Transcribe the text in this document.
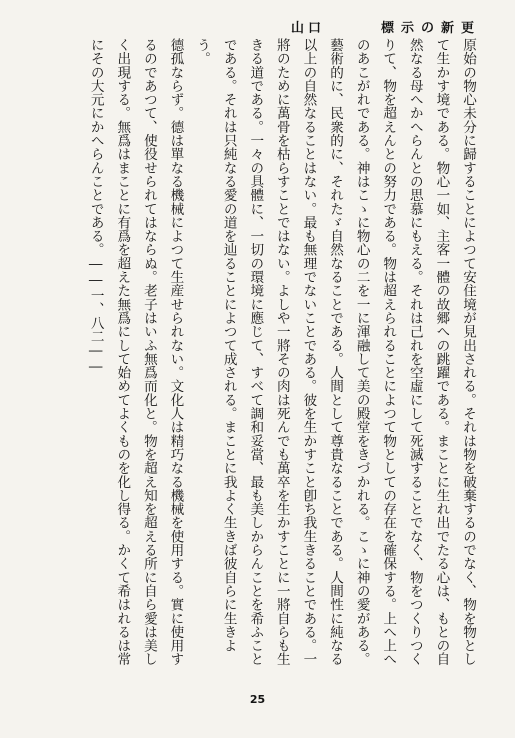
山口	標示の新更

原始の物心未分に歸することによつて安住境が見出される。それは物を破棄するのでなく、物を物として生かす境である。物心一如、主客一體の故郷への跳躍である。まことに生れ出でたる心は、もとの自然なる母へかへらんとの思慕にもえる。それは己れを空虛にして死滅することでなく、物をつくりつくりて、物を超えんとの努力である。物は超えられることによつて物としての存在を確保する。上へ上へのあこがれである。神はこゝに物心の二を一に渾融して美の殿堂をきづかれる。こゝに神の愛がある。

藝術的に、民衆的に、それたゞ自然なることである。人間として尊貴なることである。人間性に純なる以上の自然なることはない。最も無理でないことである。彼を生かすこと卽ち我生きることである。一將のために萬骨を枯らすことではない。よしや一將その肉は死んでも萬卒を生かすことに一將自らも生きる道である。一々の具體に、一切の環境に應じて、すべて調和妥當、最も美しからんことを希ふことである。それは只純なる愛の道を辿ることによつて成される。まことに我よく生きば彼自らに生きよう。

德孤ならず。德は單なる機械によつて生産せられない。文化人は精巧なる機械を使用する。實に使用するのであつて、使役せられてはならぬ。老子はいふ無爲而化と。物を超え知を超える所に自ら愛は美しく出現する。無爲はまことに有爲を超えた無爲にして始めてよくものを化し得る。かくて希はれるは常にその大元にかへらんことである。――一、八二――

25
